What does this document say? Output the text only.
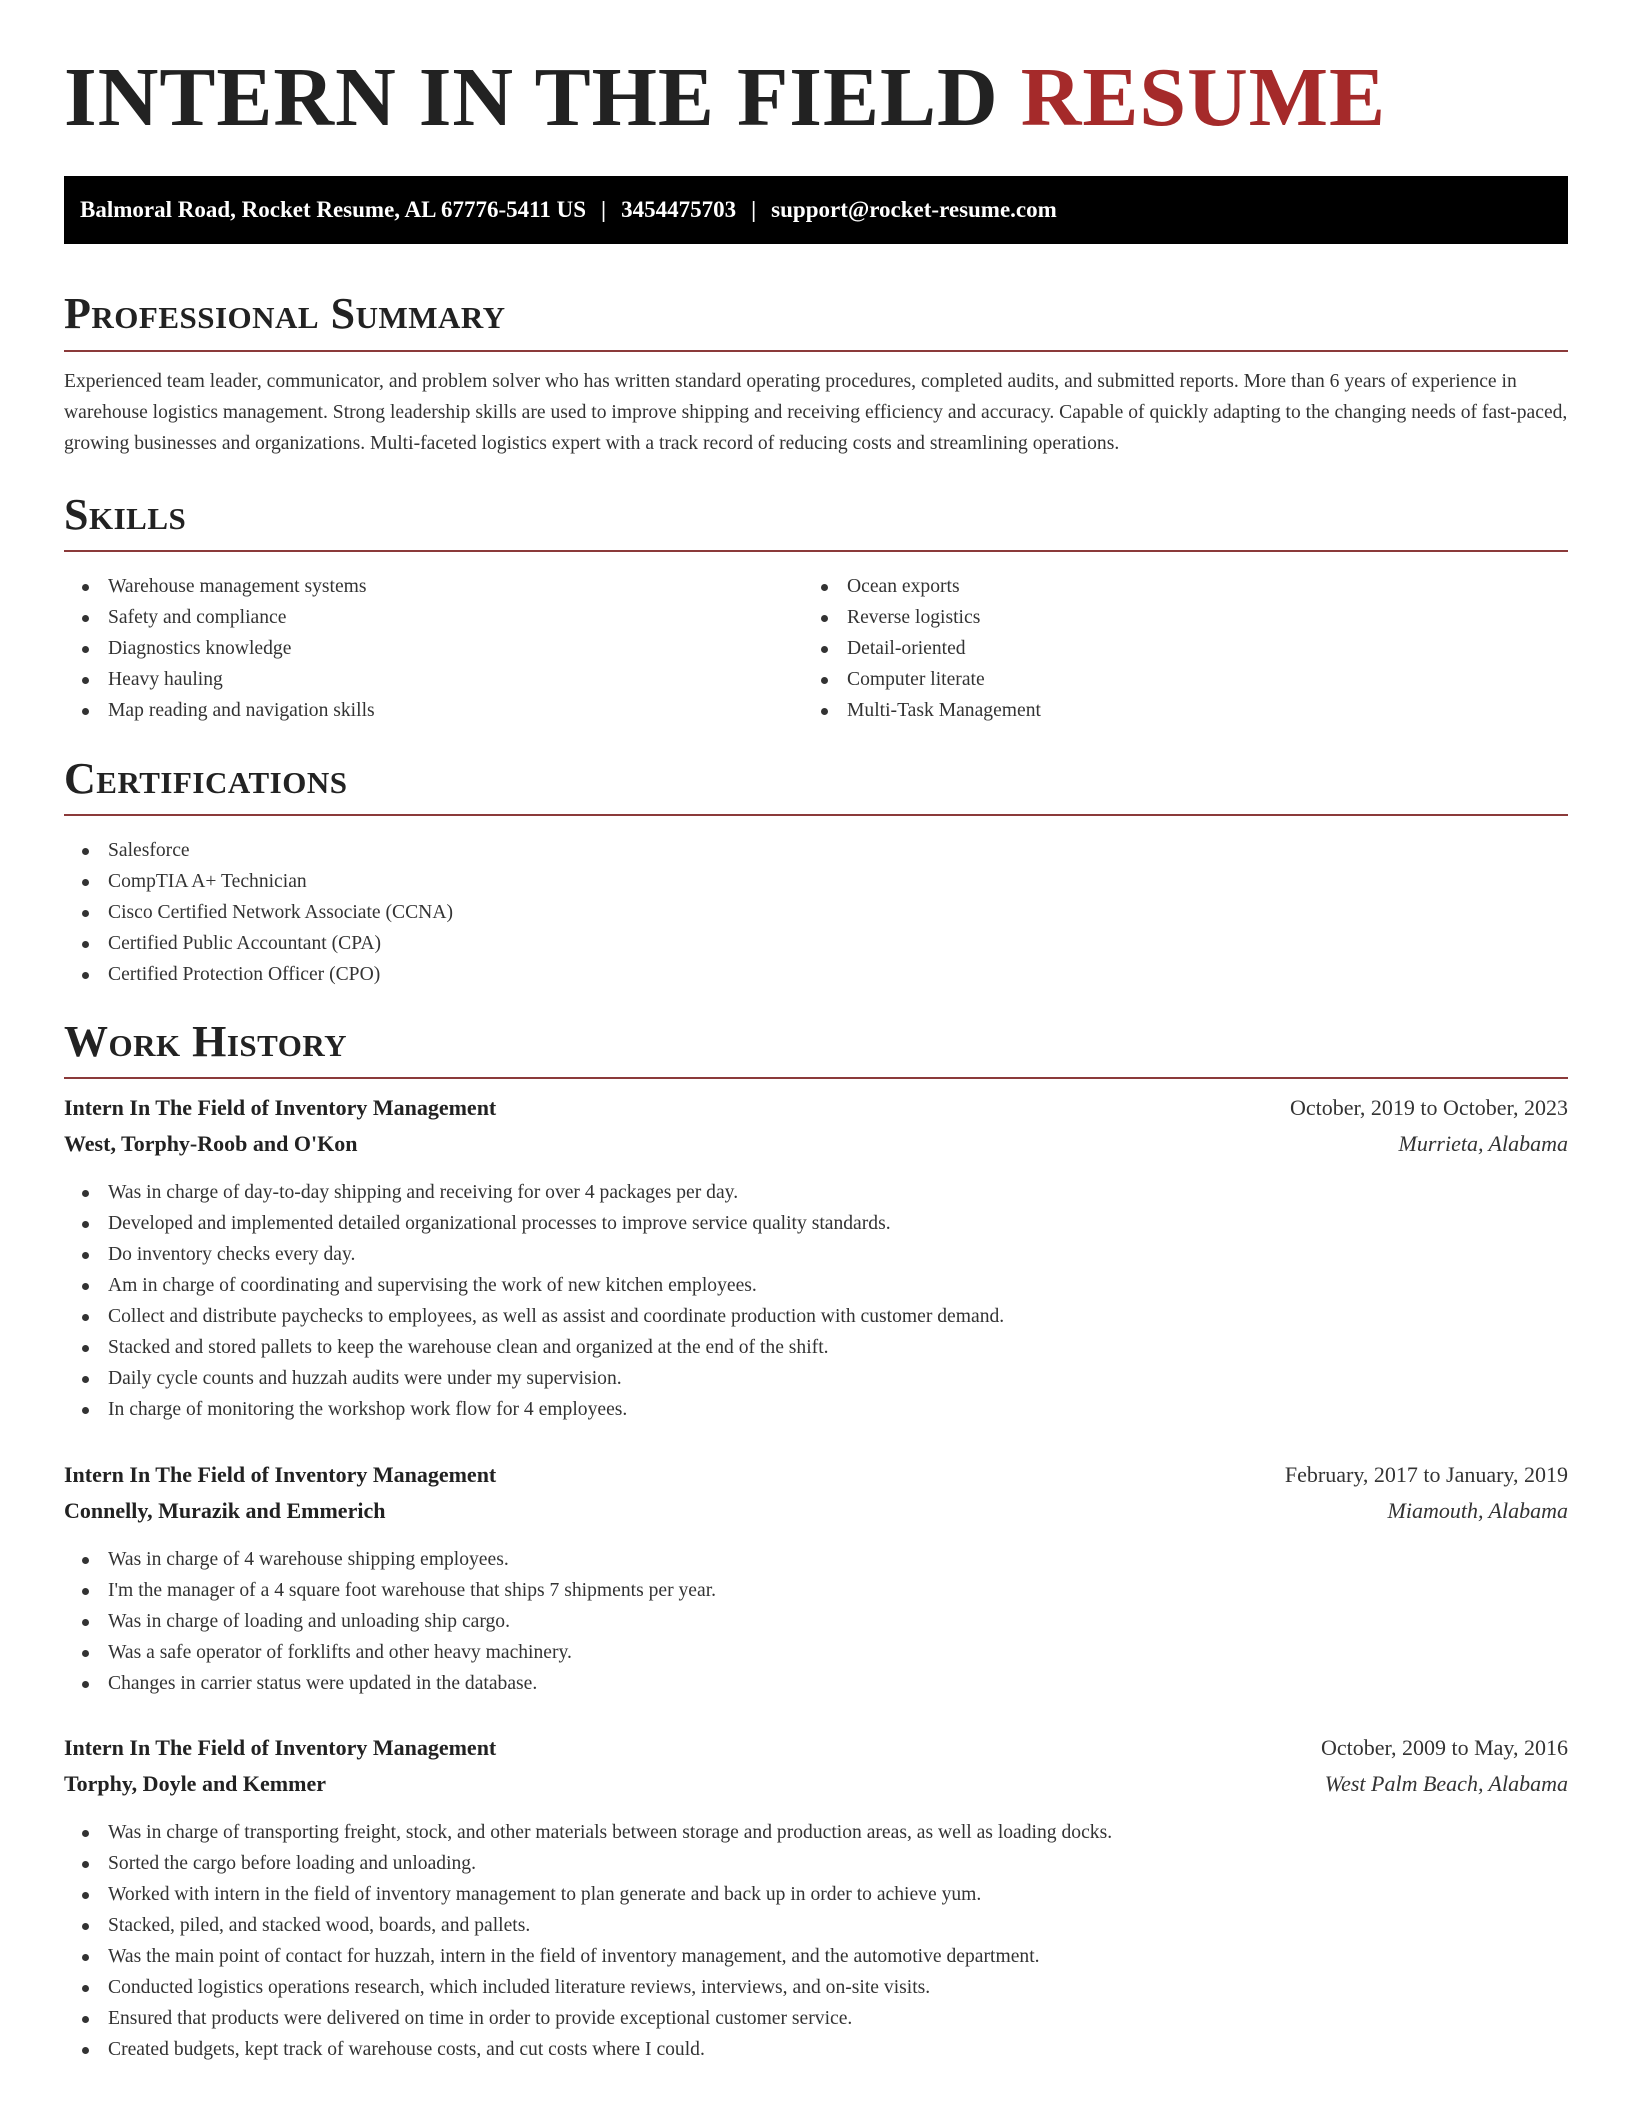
INTERN IN THE FIELD RESUME
Balmoral Road, Rocket Resume, AL 67776-5411 US | 3454475703 | support@rocket-resume.com
Professional Summary

Experienced team leader, communicator, and problem solver who has written standard operating procedures, completed audits, and submitted reports. More than 6 years of experience in warehouse logistics management. Strong leadership skills are used to improve shipping and receiving efficiency and accuracy. Capable of quickly adapting to the changing needs of fast-paced, growing businesses and organizations. Multi-faceted logistics expert with a track record of reducing costs and streamlining operations.

Skills
Warehouse management systems
Safety and compliance
Diagnostics knowledge
Heavy hauling
Map reading and navigation skills
Ocean exports
Reverse logistics
Detail-oriented
Computer literate
Multi-Task Management
Certifications
Salesforce
CompTIA A+ Technician
Cisco Certified Network Associate (CCNA)
Certified Public Accountant (CPA)
Certified Protection Officer (CPO)
Work History
Intern In The Field of Inventory Management	October, 2019 to October, 2023
West, Torphy-Roob and O'Kon	Murrieta, Alabama
Was in charge of day-to-day shipping and receiving for over 4 packages per day.
Developed and implemented detailed organizational processes to improve service quality standards.
Do inventory checks every day.
Am in charge of coordinating and supervising the work of new kitchen employees.
Collect and distribute paychecks to employees, as well as assist and coordinate production with customer demand.
Stacked and stored pallets to keep the warehouse clean and organized at the end of the shift.
Daily cycle counts and huzzah audits were under my supervision.
In charge of monitoring the workshop work flow for 4 employees.
Intern In The Field of Inventory Management	February, 2017 to January, 2019
Connelly, Murazik and Emmerich	Miamouth, Alabama
Was in charge of 4 warehouse shipping employees.
I'm the manager of a 4 square foot warehouse that ships 7 shipments per year.
Was in charge of loading and unloading ship cargo.
Was a safe operator of forklifts and other heavy machinery.
Changes in carrier status were updated in the database.
Intern In The Field of Inventory Management	October, 2009 to May, 2016
Torphy, Doyle and Kemmer	West Palm Beach, Alabama
Was in charge of transporting freight, stock, and other materials between storage and production areas, as well as loading docks.
Sorted the cargo before loading and unloading.
Worked with intern in the field of inventory management to plan generate and back up in order to achieve yum.
Stacked, piled, and stacked wood, boards, and pallets.
Was the main point of contact for huzzah, intern in the field of inventory management, and the automotive department.
Conducted logistics operations research, which included literature reviews, interviews, and on-site visits.
Ensured that products were delivered on time in order to provide exceptional customer service.
Created budgets, kept track of warehouse costs, and cut costs where I could.
